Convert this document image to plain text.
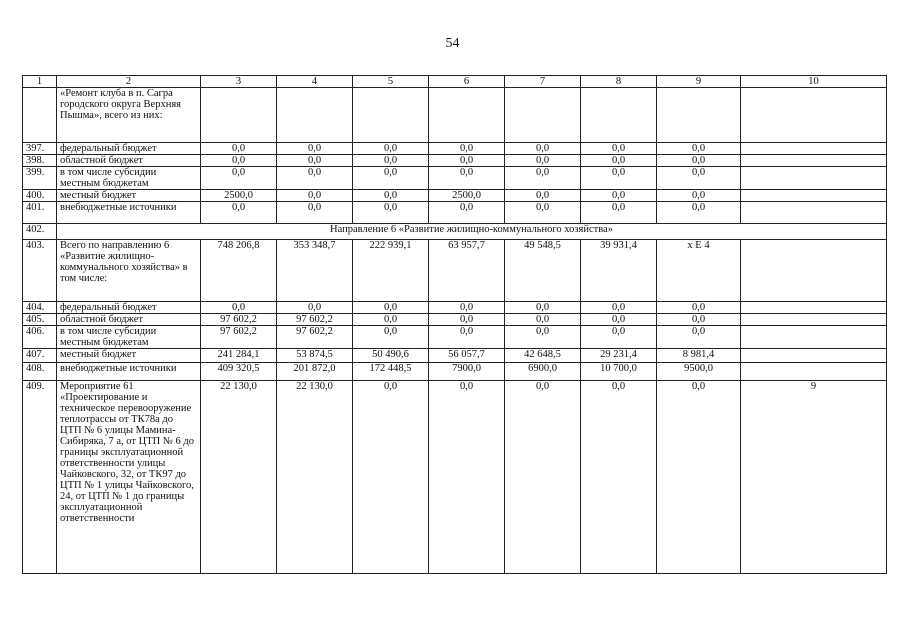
54
1	2	3	4	5	6	7	8	9	10
	«Ремонт клуба в п. Сагра городского округа Верхняя Пышма», всего из них:								
397.	федеральный бюджет	0,0	0,0	0,0	0,0	0,0	0,0	0,0	
398.	областной бюджет	0,0	0,0	0,0	0,0	0,0	0,0	0,0	
399.	в том числе субсидии местным бюджетам	0,0	0,0	0,0	0,0	0,0	0,0	0,0	
400.	местный бюджет	2500,0	0,0	0,0	2500,0	0,0	0,0	0,0	
401.	внебюджетные источники	0,0	0,0	0,0	0,0	0,0	0,0	0,0	
402.	Направление 6 «Развитие жилищно-коммунального хозяйства»								
403.	Всего по направлению 6 «Развитие жилищно-коммунального хозяйства» в том числе:	748 206,8	353 348,7	222 939,1	63 957,7	49 548,5	39 931,4	х Е 4	
404.	федеральный бюджет	0,0	0,0	0,0	0,0	0,0	0,0	0,0	
405.	областной бюджет	97 602,2	97 602,2	0,0	0,0	0,0	0,0	0,0	
406.	в том числе субсидии местным бюджетам	97 602,2	97 602,2	0,0	0,0	0,0	0,0	0,0	
407.	местный бюджет	241 284,1	53 874,5	50 490,6	56 057,7	42 648,5	29 231,4	8 981,4	
408.	внебюджетные источники	409 320,5	201 872,0	172 448,5	7900,0	6900,0	10 700,0	9500,0	
409.	Мероприятие 61 «Проектирование и техническое перевооружение теплотрассы от ТК78а до ЦТП № 6 улицы Мамина-Сибиряка, 7 а, от ЦТП № 6 до границы эксплуатационной ответственности улицы Чайковского, 32, от ТК97 до ЦТП № 1 улицы Чайковского, 24, от ЦТП № 1 до границы эксплуатационной ответственности	22 130,0	22 130,0	0,0	0,0	0,0	0,0	0,0	9
